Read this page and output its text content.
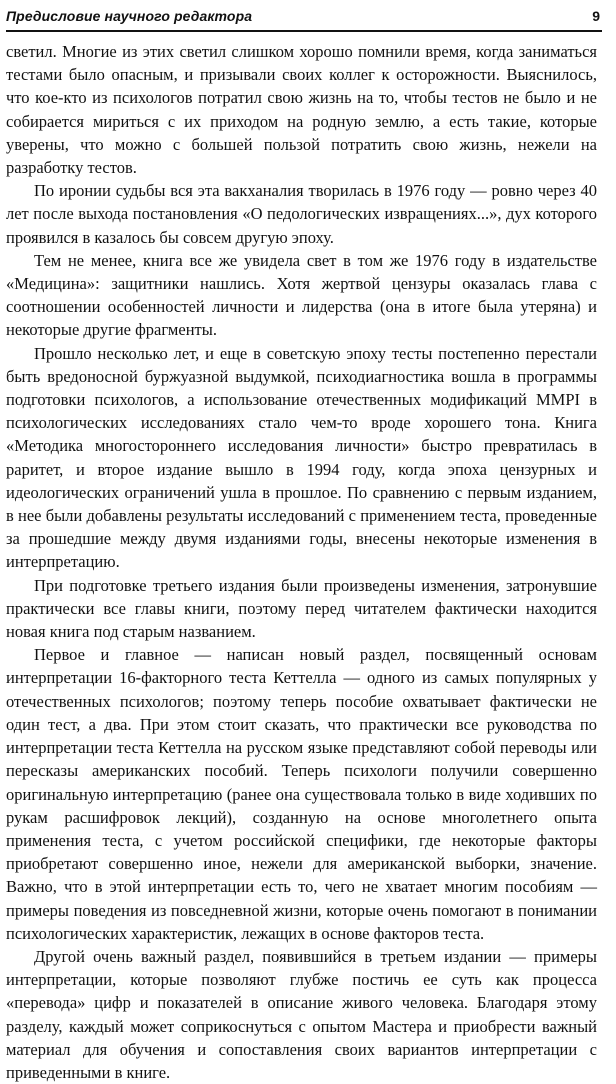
Предисловие научного редактора	9

светил. Многие из этих светил слишком хорошо помнили время, когда заниматься тестами было опасным, и призывали своих коллег к осторожности. Выяснилось, что кое-кто из психологов потратил свою жизнь на то, чтобы тестов не было и не собирается мириться с их приходом на родную землю, а есть такие, которые уверены, что можно с большей пользой потратить свою жизнь, нежели на разработку тестов.

По иронии судьбы вся эта вакханалия творилась в 1976 году — ровно через 40 лет после выхода постановления «О педологических извращениях...», дух которого проявился в казалось бы совсем другую эпоху.

Тем не менее, книга все же увидела свет в том же 1976 году в издательстве «Медицина»: защитники нашлись. Хотя жертвой цензуры оказалась глава с соотношении особенностей личности и лидерства (она в итоге была утеряна) и некоторые другие фрагменты.

Прошло несколько лет, и еще в советскую эпоху тесты постепенно перестали быть вредоносной буржуазной выдумкой, психодиагностика вошла в программы подготовки психологов, а использование отечественных модификаций MMPI в психологических исследованиях стало чем-то вроде хорошего тона. Книга «Методика многостороннего исследования личности» быстро превратилась в раритет, и второе издание вышло в 1994 году, когда эпоха цензурных и идеологических ограничений ушла в прошлое. По сравнению с первым изданием, в нее были добавлены результаты исследований с применением теста, проведенные за прошедшие между двумя изданиями годы, внесены некоторые изменения в интерпретацию.

При подготовке третьего издания были произведены изменения, затронувшие практически все главы книги, поэтому перед читателем фактически находится новая книга под старым названием.

Первое и главное — написан новый раздел, посвященный основам интерпретации 16-факторного теста Кеттелла — одного из самых популярных у отечественных психологов; поэтому теперь пособие охватывает фактически не один тест, а два. При этом стоит сказать, что практически все руководства по интерпретации теста Кеттелла на русском языке представляют собой переводы или пересказы американских пособий. Теперь психологи получили совершенно оригинальную интерпретацию (ранее она существовала только в виде ходивших по рукам расшифровок лекций), созданную на основе многолетнего опыта применения теста, с учетом российской специфики, где некоторые факторы приобретают совершенно иное, нежели для американской выборки, значение. Важно, что в этой интерпретации есть то, чего не хватает многим пособиям — примеры поведения из повседневной жизни, которые очень помогают в понимании психологических характеристик, лежащих в основе факторов теста.

Другой очень важный раздел, появившийся в третьем издании — примеры интерпретации, которые позволяют глубже постичь ее суть как процесса «перевода» цифр и показателей в описание живого человека. Благодаря этому разделу, каждый может соприкоснуться с опытом Мастера и приобрести важный материал для обучения и сопоставления своих вариантов интерпретации с приведенными в книге.
